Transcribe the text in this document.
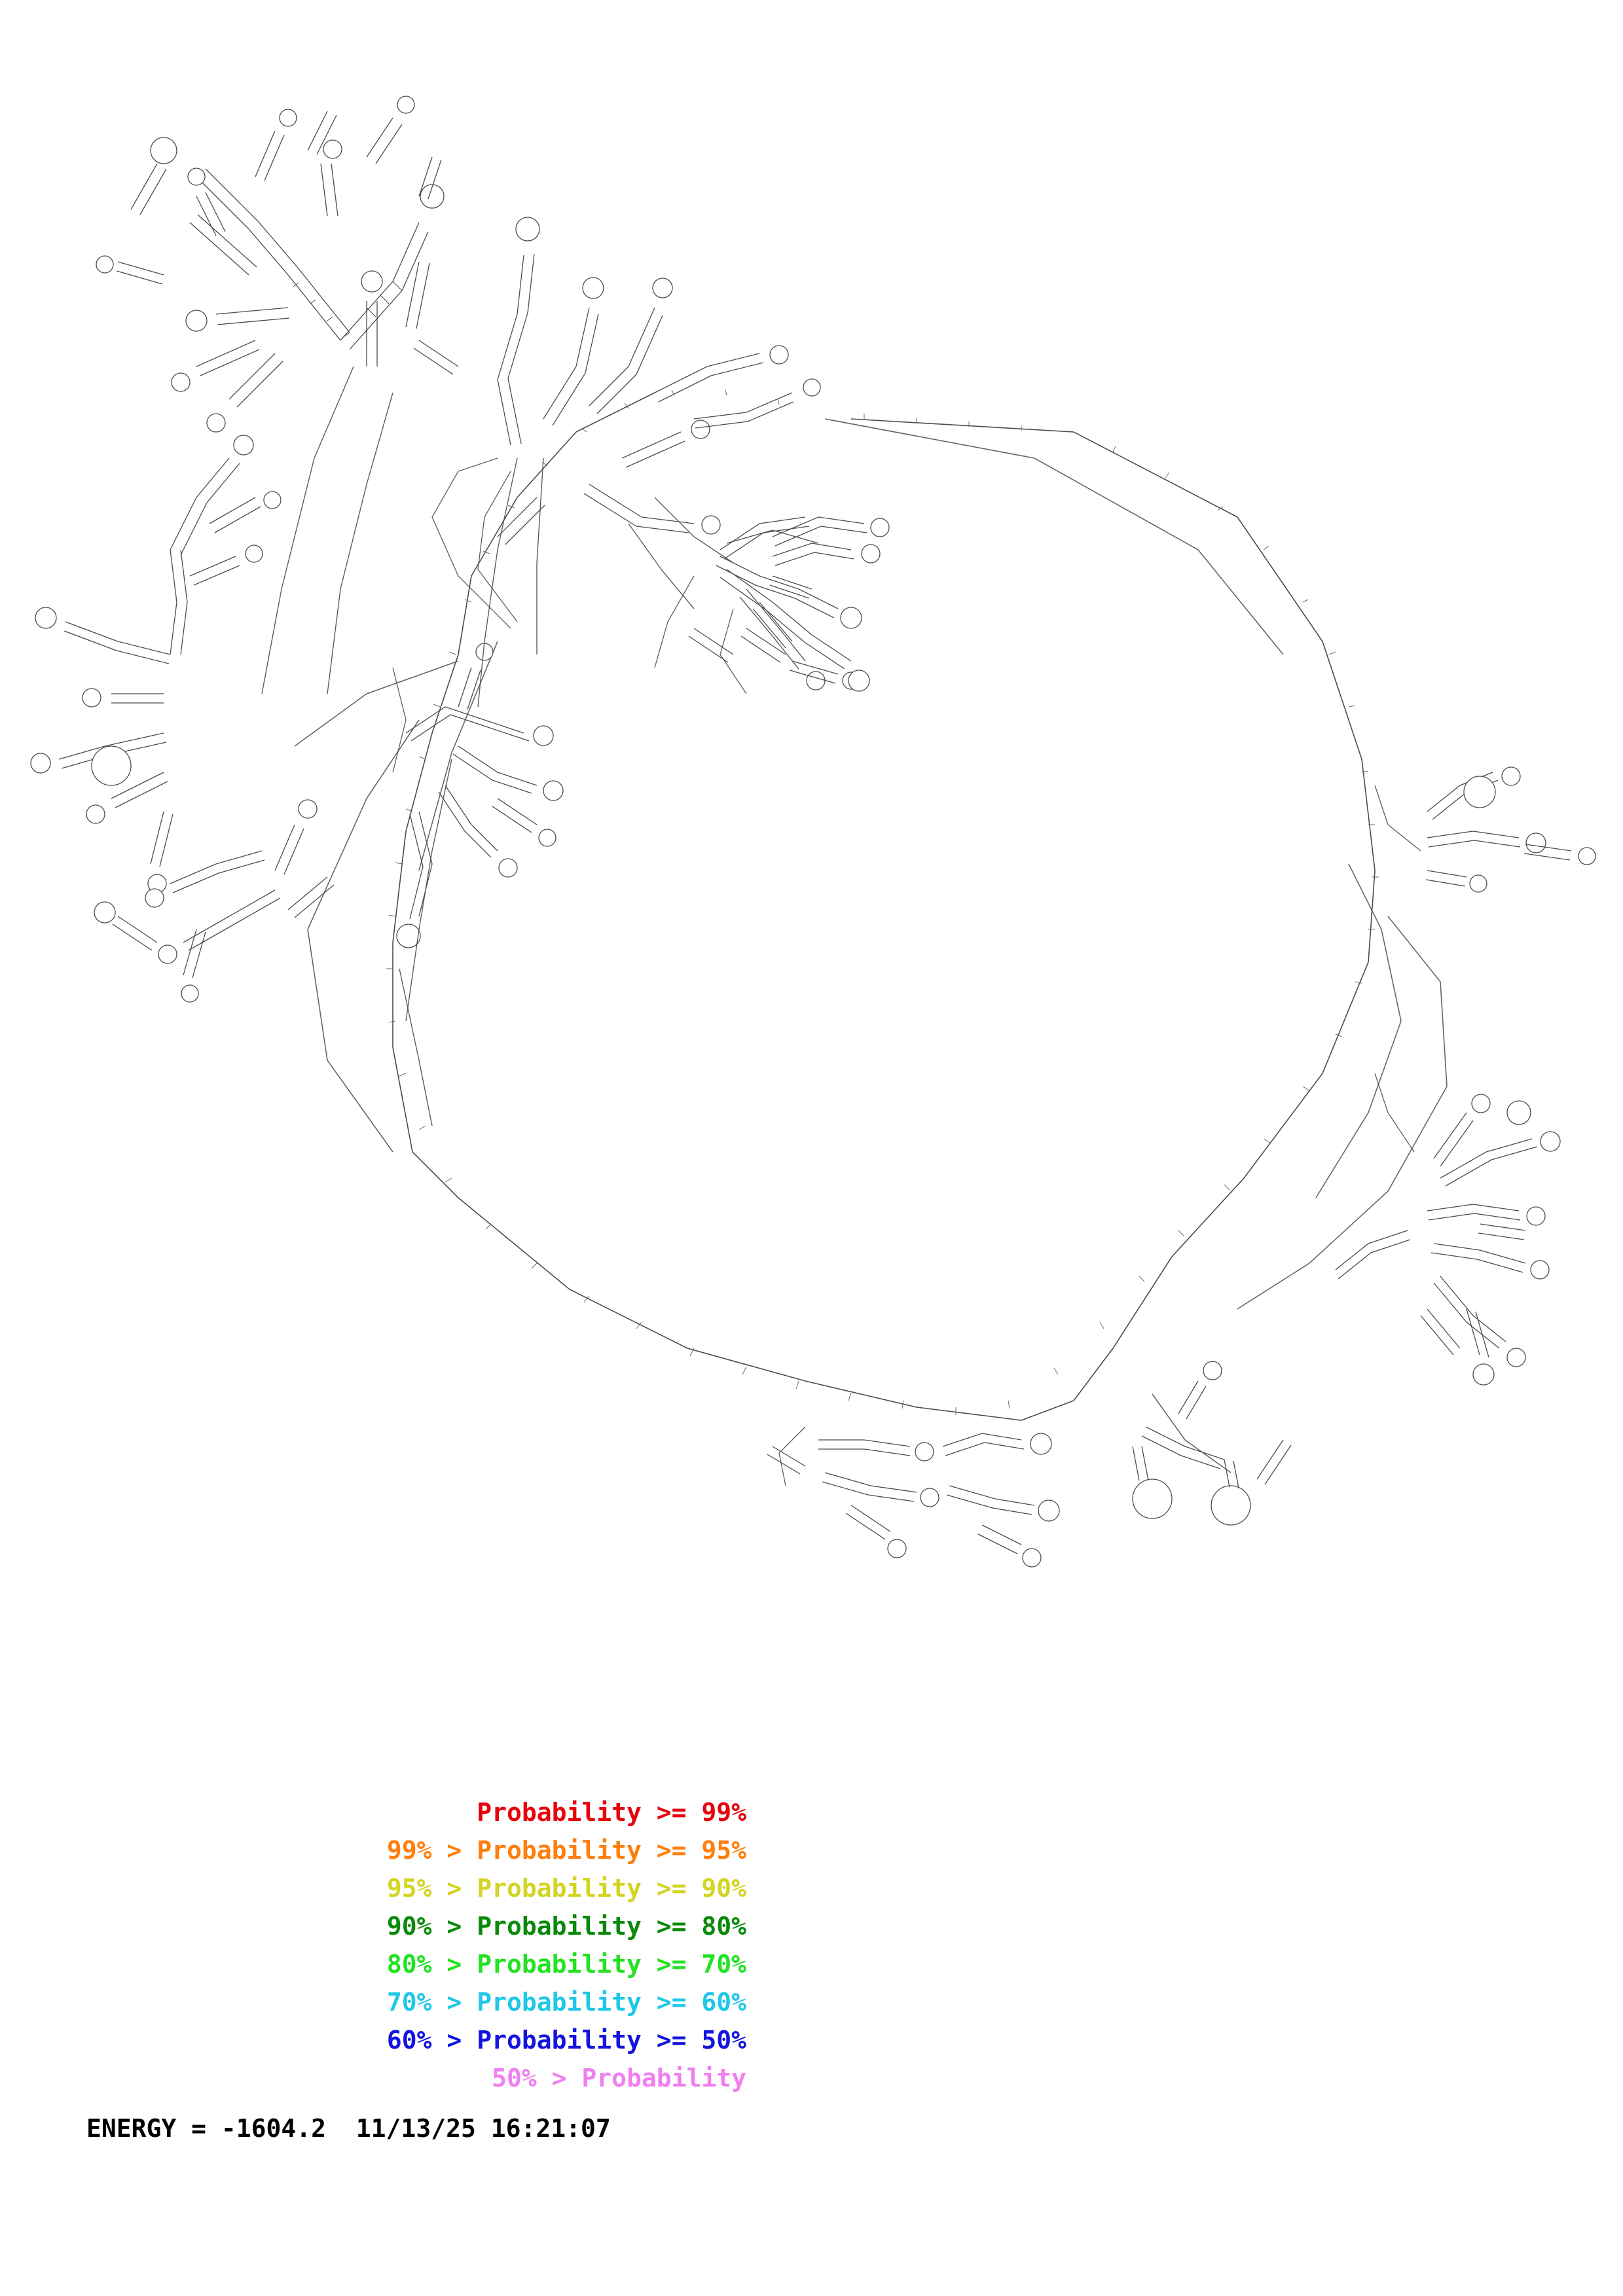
Probability >= 99%
99% > Probability >= 95%
95% > Probability >= 90%
90% > Probability >= 80%
80% > Probability >= 70%
70% > Probability >= 60%
60% > Probability >= 50%
50% > Probability
ENERGY = -1604.2  11/13/25 16:21:07
